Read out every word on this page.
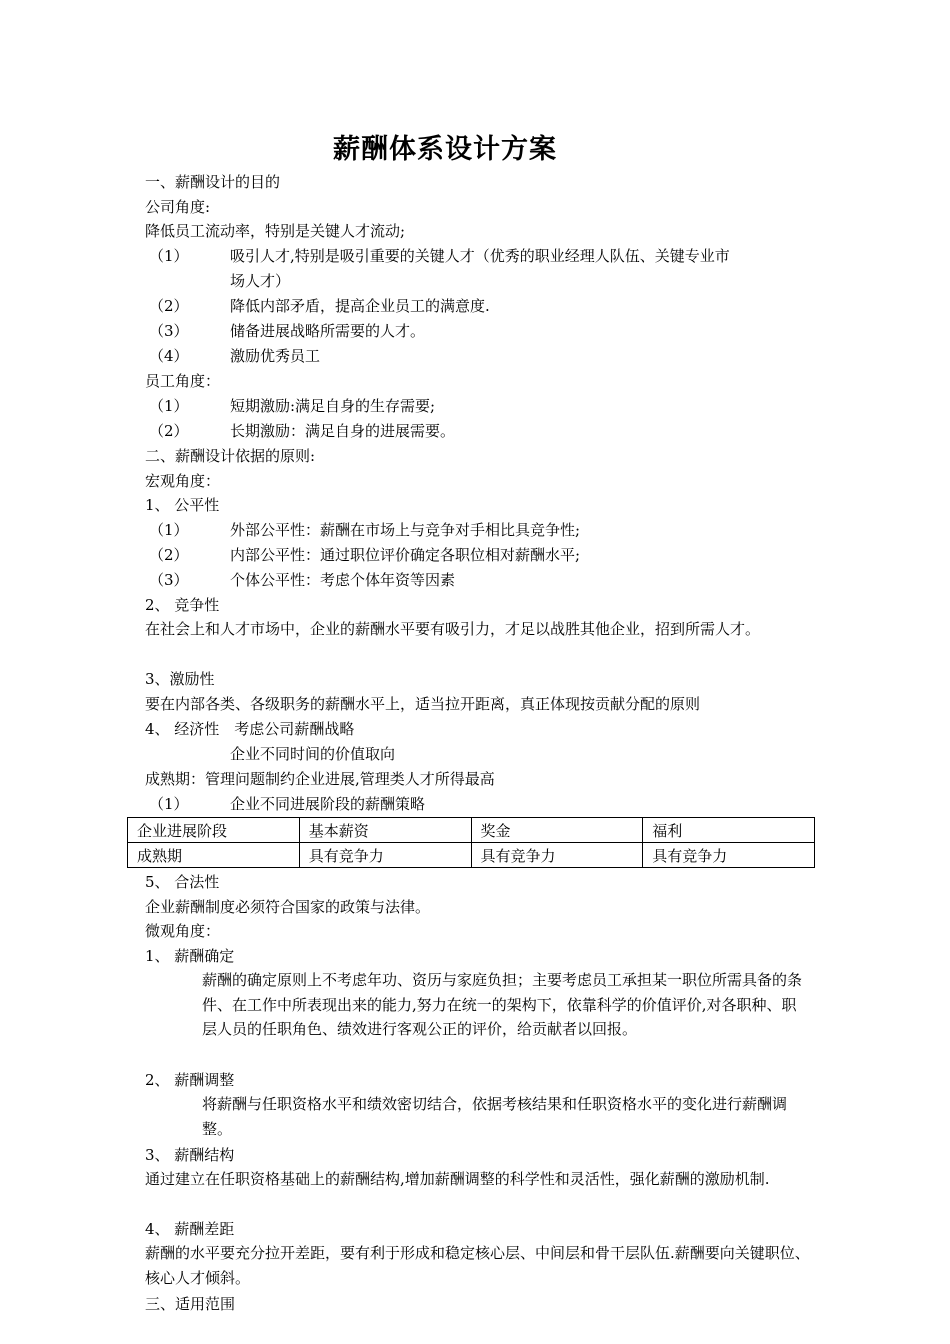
薪酬体系设计方案
一、薪酬设计的目的
公司角度:
降低员工流动率，特别是关键人才流动;
（1）	吸引人才,特别是吸引重要的关键人才（优秀的职业经理人队伍、关键专业市
场人才）
（2）	降低内部矛盾，提高企业员工的满意度.
（3）	储备进展战略所需要的人才。
（4）	激励优秀员工
员工角度：
（1）	短期激励:满足自身的生存需要;
（2）	长期激励：满足自身的进展需要。
二、薪酬设计依据的原则:
宏观角度：
1、 公平性
（1）	外部公平性：薪酬在市场上与竞争对手相比具竞争性;
（2）	内部公平性：通过职位评价确定各职位相对薪酬水平;
（3）	个体公平性：考虑个体年资等因素
2、 竞争性
在社会上和人才市场中，企业的薪酬水平要有吸引力，才足以战胜其他企业，招到所需人才。
3、激励性
要在内部各类、各级职务的薪酬水平上，适当拉开距离，真正体现按贡献分配的原则
4、 经济性　考虑公司薪酬战略
企业不同时间的价值取向
成熟期：管理问题制约企业进展,管理类人才所得最高
（1）	企业不同进展阶段的薪酬策略
企业进展阶段	基本薪资	奖金	福利
成熟期	具有竞争力	具有竞争力	具有竞争力
5、 合法性
企业薪酬制度必须符合国家的政策与法律。
微观角度：
1、 薪酬确定
薪酬的确定原则上不考虑年功、资历与家庭负担；主要考虑员工承担某一职位所需具备的条件、在工作中所表现出来的能力,努力在统一的架构下，依靠科学的价值评价,对各职种、职层人员的任职角色、绩效进行客观公正的评价，给贡献者以回报。
2、 薪酬调整
将薪酬与任职资格水平和绩效密切结合，依据考核结果和任职资格水平的变化进行薪酬调整。
3、 薪酬结构
通过建立在任职资格基础上的薪酬结构,增加薪酬调整的科学性和灵活性，强化薪酬的激励机制.
4、 薪酬差距
薪酬的水平要充分拉开差距，要有利于形成和稳定核心层、中间层和骨干层队伍.薪酬要向关键职位、核心人才倾斜。
三、适用范围
